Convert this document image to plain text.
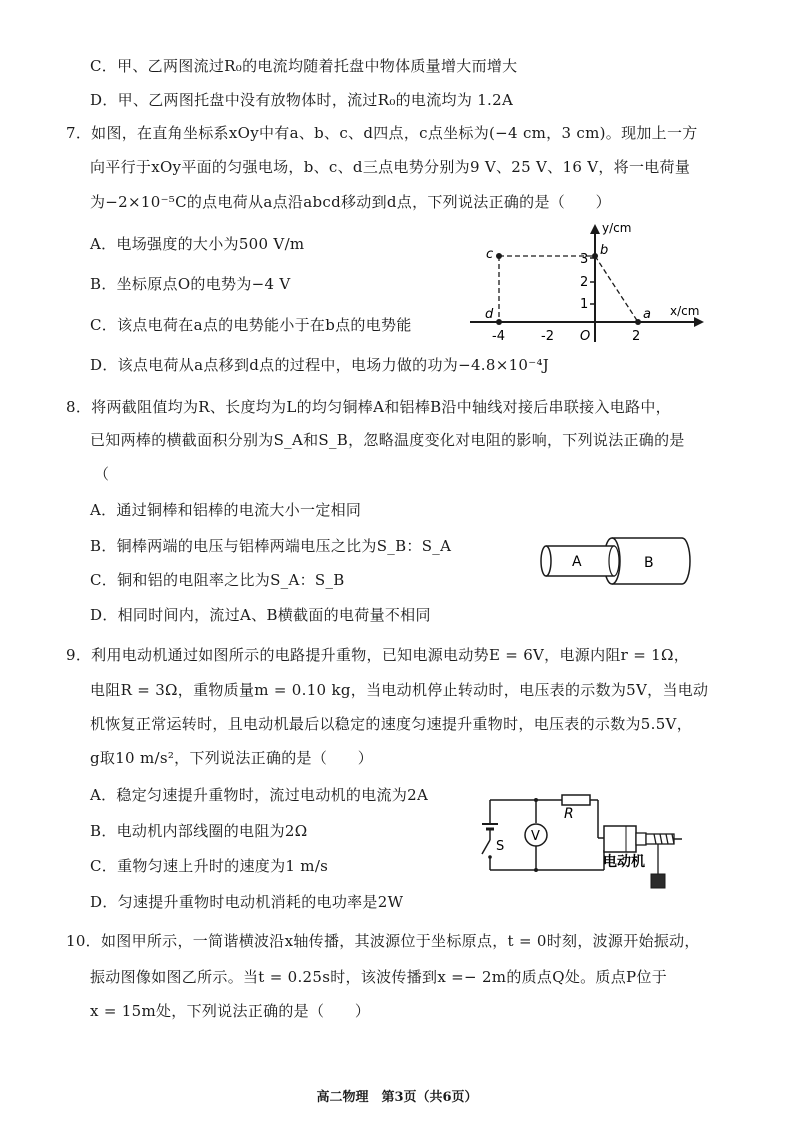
C．甲、乙两图流过R₀的电流均随着托盘中物体质量增大而增大
D．甲、乙两图托盘中没有放物体时，流过R₀的电流均为 1.2A
7．如图，在直角坐标系xOy中有a、b、c、d四点，c点坐标为(−4 cm，3 cm)。现加上一方
向平行于xOy平面的匀强电场，b、c、d三点电势分别为9 V、25 V、16 V，将一电荷量
为−2×10⁻⁵C的点电荷从a点沿abcd移动到d点，下列说法正确的是（　　）
A．电场强度的大小为500 V/m
B．坐标原点O的电势为−4 V
C．该点电荷在a点的电势能小于在b点的电势能
D．该点电荷从a点移到d点的过程中，电场力做的功为−4.8×10⁻⁴J
y/cm
x/cm
1
2
3
-4	-2	2
O
c	b
d	a
8．将两截阻值均为R、长度均为L的均匀铜棒A和铝棒B沿中轴线对接后串联接入电路中，
已知两棒的横截面积分别为S_A和S_B，忽略温度变化对电阻的影响，下列说法正确的是
（
A．通过铜棒和铝棒的电流大小一定相同
B．铜棒两端的电压与铝棒两端电压之比为S_B：S_A
C．铜和铝的电阻率之比为S_A：S_B
D．相同时间内，流过A、B横截面的电荷量不相同
A	B
9．利用电动机通过如图所示的电路提升重物，已知电源电动势E = 6V，电源内阻r = 1Ω，
电阻R = 3Ω，重物质量m = 0.10 kg，当电动机停止转动时，电压表的示数为5V，当电动
机恢复正常运转时，且电动机最后以稳定的速度匀速提升重物时，电压表的示数为5.5V，
g取10 m/s²，下列说法正确的是（　　）
A．稳定匀速提升重物时，流过电动机的电流为2A
B．电动机内部线圈的电阻为2Ω
C．重物匀速上升时的速度为1 m/s
D．匀速提升重物时电动机消耗的电功率是2W
S
V
R
电动机
10．如图甲所示，一简谐横波沿x轴传播，其波源位于坐标原点，t = 0时刻，波源开始振动，
振动图像如图乙所示。当t = 0.25s时，该波传播到x =− 2m的质点Q处。质点P位于
x = 15m处，下列说法正确的是（　　）
高二物理　第3页（共6页）
